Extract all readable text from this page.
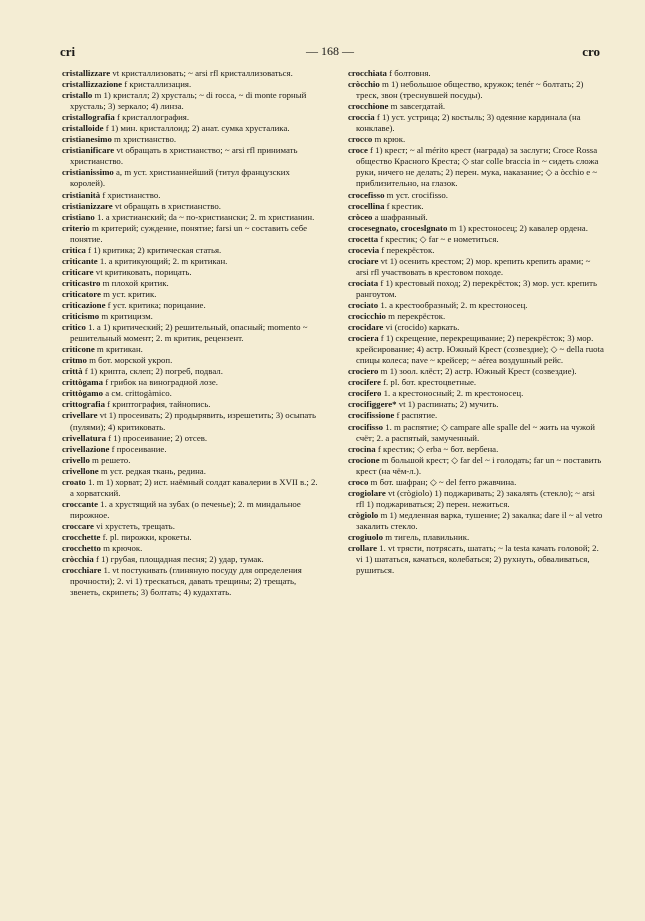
cri	— 168 —	cro

cristallizzare vt кристаллизовать; ~ arsi rfl кристаллизоваться.

cristallizzazione f кристаллизация.

cristallo m 1) кристалл; 2) хрусталь; ~ di rocca, ~ di monte горный хрусталь; 3) зеркало; 4) линза.

cristallografia f кристаллография.

cristalloide f 1) мин. кристаллоид; 2) анат. сумка хрусталика.

cristianesimo m христианство.

cristianificare vt обращать в христианство; ~ arsi rfl принимать христианство.

cristianissimo a, m уст. христианнейший (титул французских королей).

cristianità f христианство.

cristianizzare vt обращать в христианство.

cristiano 1. a христианский; da ~ по-христиански; 2. m христианин.

criterio m критерий; суждение, понятие; farsi un ~ составить себе понятие.

critica f 1) критика; 2) критическая статья.

criticante 1. a критикующий; 2. m критикан.

criticare vt критиковать, порицать.

criticastro m плохой критик.

criticatore m уст. критик.

criticazione f уст. критика; порицание.

criticismo m критицизм.

critico 1. a 1) критический; 2) решительный, опасный; momento ~ решительный момент; 2. m критик, рецензент.

criticone m критикан.

critmo m бот. морской укроп.

crittà f 1) крипта, склеп; 2) погреб, подвал.

crittògama f грибок на виноградной лозе.

crittògamo a см. crittogàmico.

crittografia f криптография, тайнопись.

crivellare vt 1) просеивать; 2) продырявить, изрешетить; 3) осыпать (пулями); 4) критиковать.

crivellatura f 1) просеивание; 2) отсев.

crivellazione f просеивание.

crivello m решето.

crivellone m уст. редкая ткань, редина.

croato 1. m 1) хорват; 2) ист. наёмный солдат кавалерии в XVII в.; 2. a хорватский.

croccante 1. a хрустящий на зубах (о печенье); 2. m миндальное пирожное.

croccare vi хрустеть, трещать.

crocchette f. pl. пирожки, крокеты.

crocchetto m крючок.

cròcchia f 1) грубая, площадная песня; 2) удар, тумак.

crocchiare 1. vt постукивать (глиняную посуду для определения прочности); 2. vi 1) трескаться, давать трещины; 2) трещать, звенеть, скрипеть; 3) болтать; 4) кудахтать.

crocchiata f болтовня.

cròcchio m 1) небольшое общество, кружок; tenér ~ болтать; 2) треск, звон (треснувшей посуды).

crocchione m завсегдатай.

croccia f 1) уст. устрица; 2) костыль; 3) одеяние кардинала (на конклаве).

crocco m крюк.

croce f 1) крест; ~ al mérito крест (награда) за заслуги; Croce Rossa общество Красного Креста; ◇ star colle braccia in ~ сидеть сложа руки, ничего не делать; 2) перен. мука, наказание; ◇ a òcchio e ~ приблизительно, на глазок.

crocefisso m уст. crocifisso.

crocellina f крестик.

cròceo a шафранный.

crocesegnato, croceslgnato m 1) крестоносец; 2) кавалер ордена.

crocetta f крестик; ◇ far ~ e нометиться.

crocevia f перекрёсток.

crociare vt 1) осенить крестом; 2) мор. крепить крепить арами; ~ arsi rfl участвовать в крестовом походе.

crociata f 1) крестовый поход; 2) перекрёсток; 3) мор. уст. крепить рангоутом.

crociato 1. a крестообразный; 2. m крестоносец.

crocicchio m перекрёсток.

crocidare vi (crocido) каркать.

crociera f 1) скрещение, перекрещивание; 2) перекрёсток; 3) мор. крейсирование; 4) астр. Южный Крест (созвездие); ◇ ~ della ruota спицы колеса; nave ~ крейсер; ~ aérea воздушный рейс.

crociero m 1) зоол. клёст; 2) астр. Южный Крест (созвездие).

crocifere f. pl. бот. крестоцветные.

crocifero 1. a крестоносный; 2. m крестоносец.

crocifiggere* vt 1) распинать; 2) мучить.

crocifissione f распятие.

crocifisso 1. m распятие; ◇ campare alle spalle del ~ жить на чужой счёт; 2. a распятый, замученный.

crocina f крестик; ◇ erba ~ бот. вербена.

crocione m большой крест; ◇ far del ~ i голодать; far un ~ поставить крест (на чём-л.).

croco m бот. шафран; ◇ ~ del ferro ржавчина.

crogiolare vt (crògiolo) 1) поджаривать; 2) закалять (стекло); ~ arsi rfl 1) поджариваться; 2) перен. нежиться.

crògiolo m 1) медленная варка, тушение; 2) закалка; dare il ~ al vetro закалить стекло.

crogiuolo m тигель, плавильник.

crollare 1. vt трясти, потрясать, шатать; ~ la testa качать головой; 2. vi 1) шататься, качаться, колебаться; 2) рухнуть, обваливаться, рушиться.
